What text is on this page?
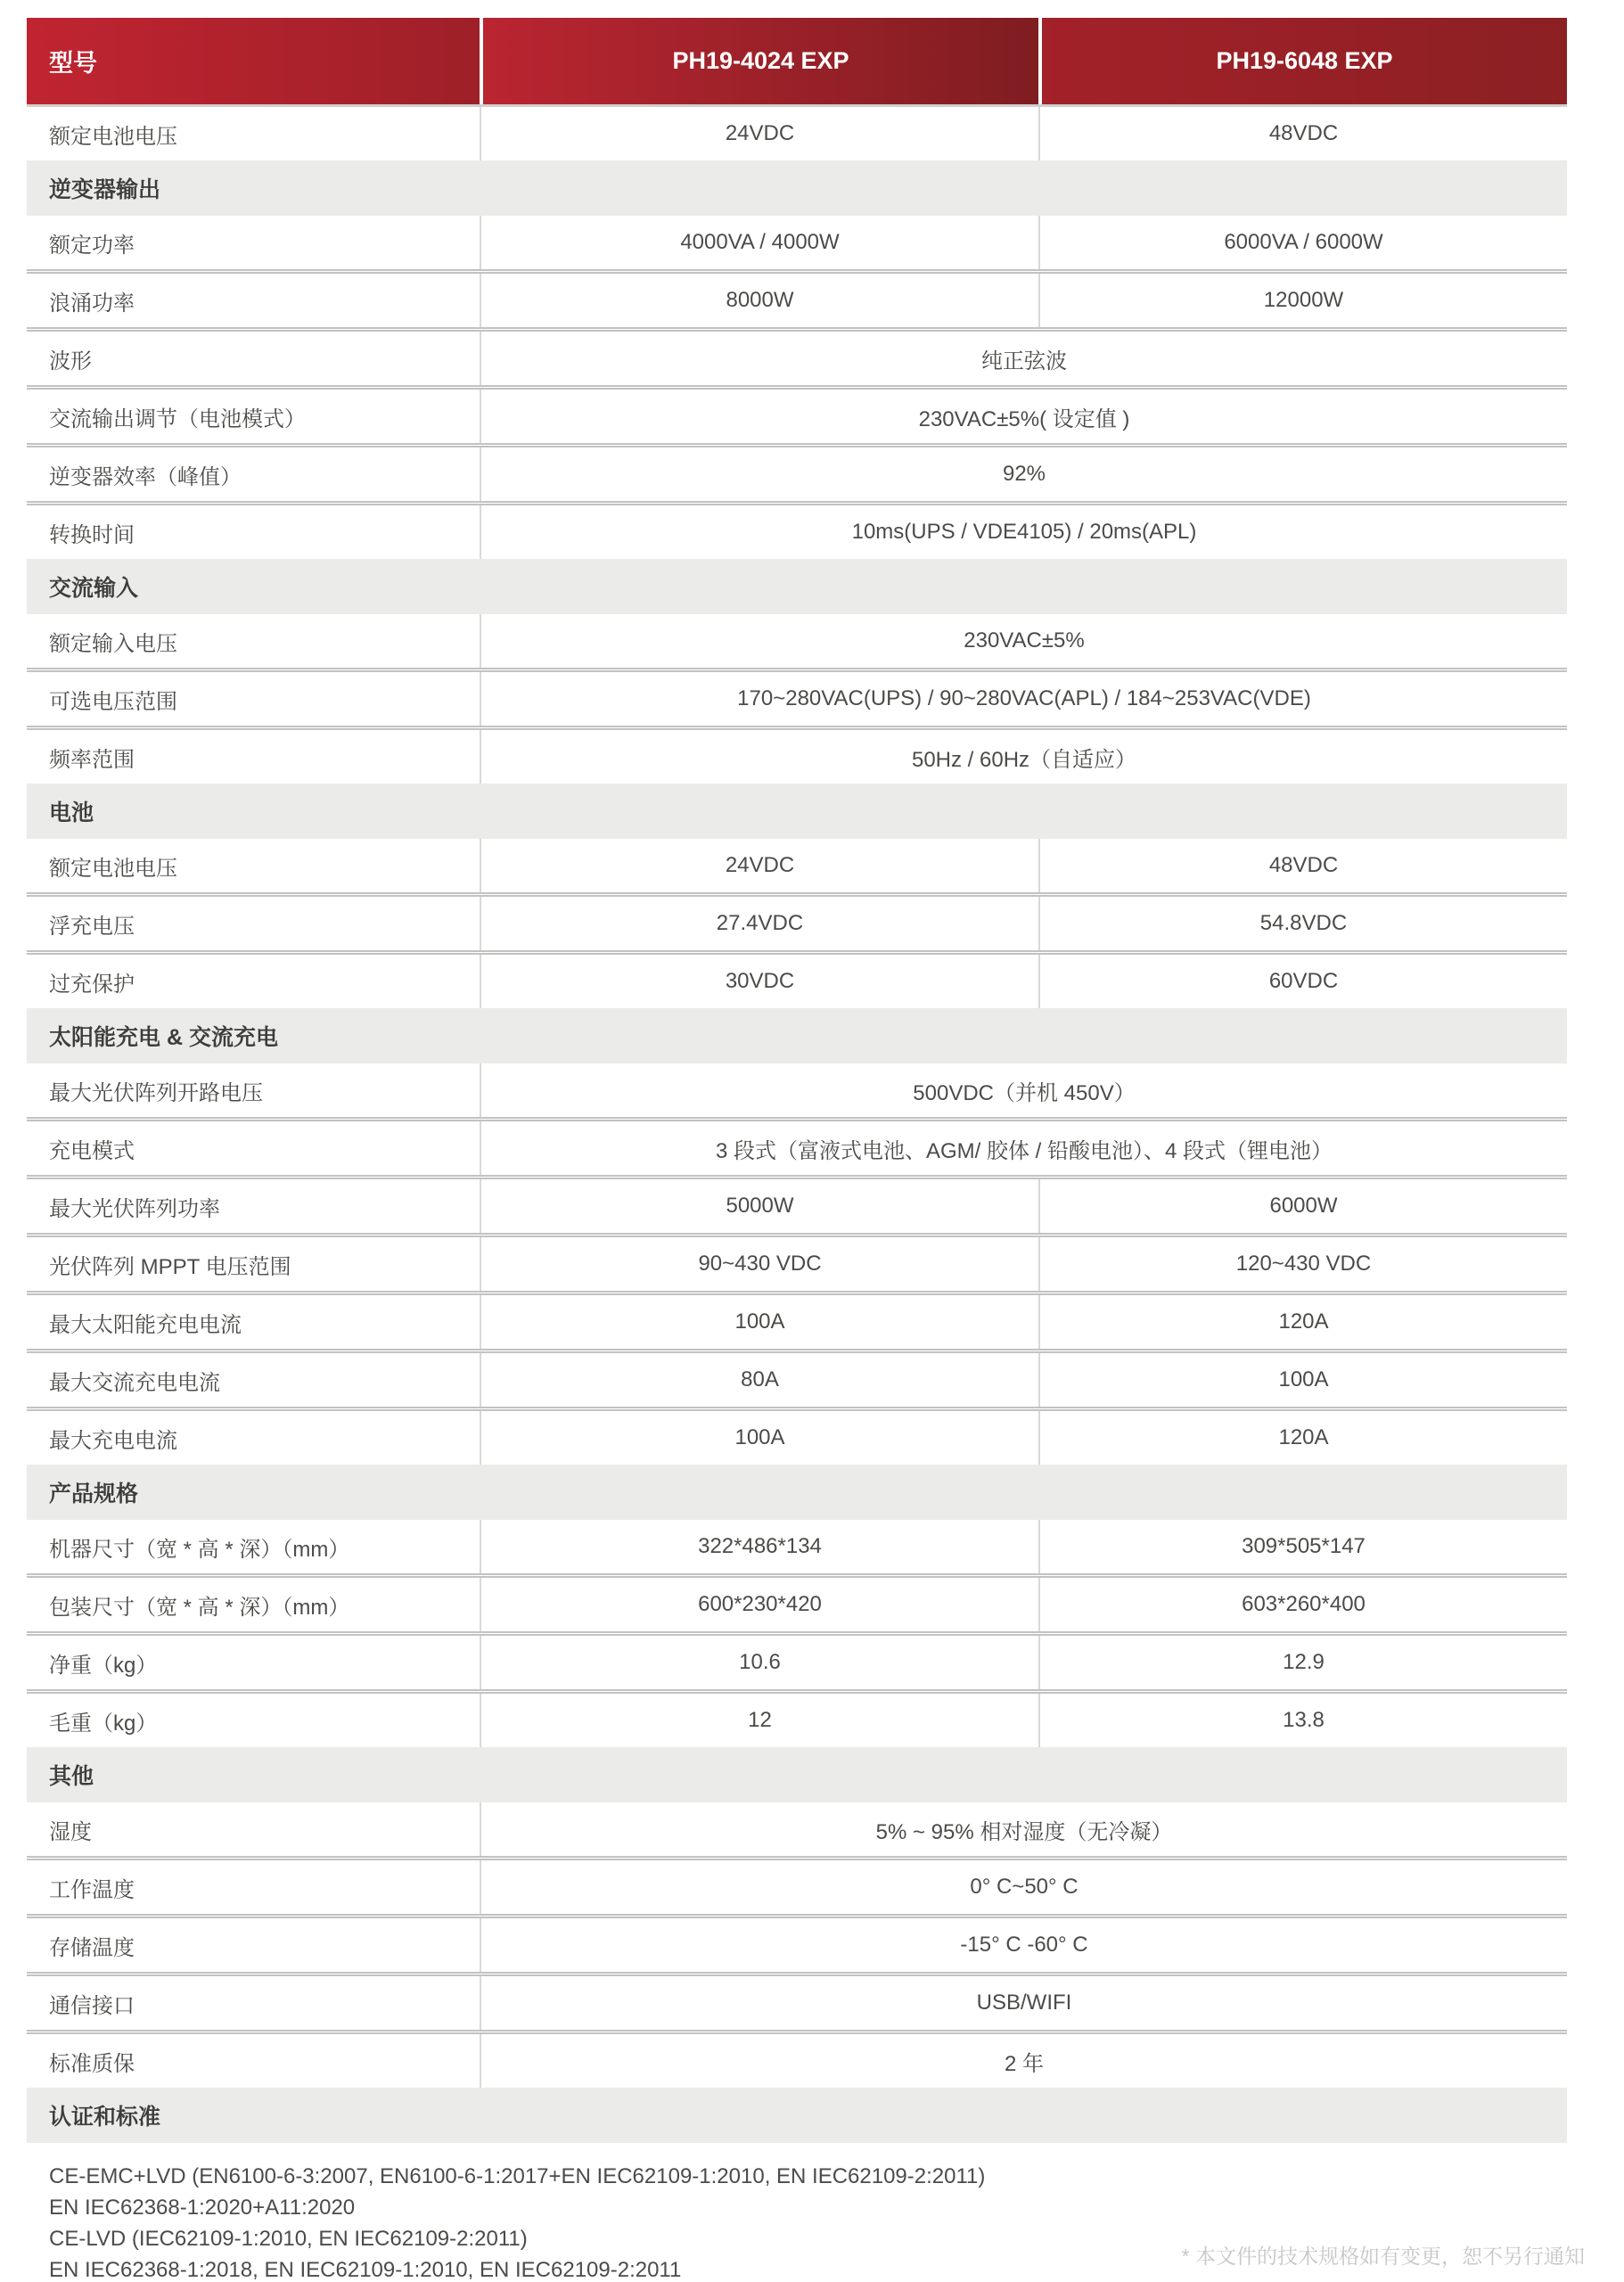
型号	PH19-4024 EXP	PH19-6048 EXP
额定电池电压	24VDC	48VDC
逆变器输出
额定功率	4000VA / 4000W	6000VA / 6000W
浪涌功率	8000W	12000W
波形	纯正弦波
交流输出调节（电池模式）	230VAC±5%( 设定值 )
逆变器效率（峰值）	92%
转换时间	10ms(UPS / VDE4105) / 20ms(APL)
交流输入
额定输入电压	230VAC±5%
可选电压范围	170~280VAC(UPS) / 90~280VAC(APL) / 184~253VAC(VDE)
频率范围	50Hz / 60Hz（自适应）
电池
额定电池电压	24VDC	48VDC
浮充电压	27.4VDC	54.8VDC
过充保护	30VDC	60VDC
太阳能充电 & 交流充电
最大光伏阵列开路电压	500VDC（并机 450V）
充电模式	3 段式（富液式电池、AGM/ 胶体 / 铅酸电池）、4 段式（锂电池）
最大光伏阵列功率	5000W	6000W
光伏阵列 MPPT 电压范围	90~430 VDC	120~430 VDC
最大太阳能充电电流	100A	120A
最大交流充电电流	80A	100A
最大充电电流	100A	120A
产品规格
机器尺寸（宽 * 高 * 深）（mm）	322*486*134	309*505*147
包装尺寸（宽 * 高 * 深）（mm）	600*230*420	603*260*400
净重（kg）	10.6	12.9
毛重（kg）	12	13.8
其他
湿度	5% ~ 95% 相对湿度（无冷凝）
工作温度	0° C~50° C
存储温度	-15° C -60° C
通信接口	USB/WIFI
标准质保	2 年
认证和标准
CE-EMC+LVD (EN6100-6-3:2007, EN6100-6-1:2017+EN IEC62109-1:2010, EN IEC62109-2:2011)
EN IEC62368-1:2020+A11:2020
CE-LVD (IEC62109-1:2010, EN IEC62109-2:2011)
EN IEC62368-1:2018, EN IEC62109-1:2010, EN IEC62109-2:2011
* 本文件的技术规格如有变更，恕不另行通知
